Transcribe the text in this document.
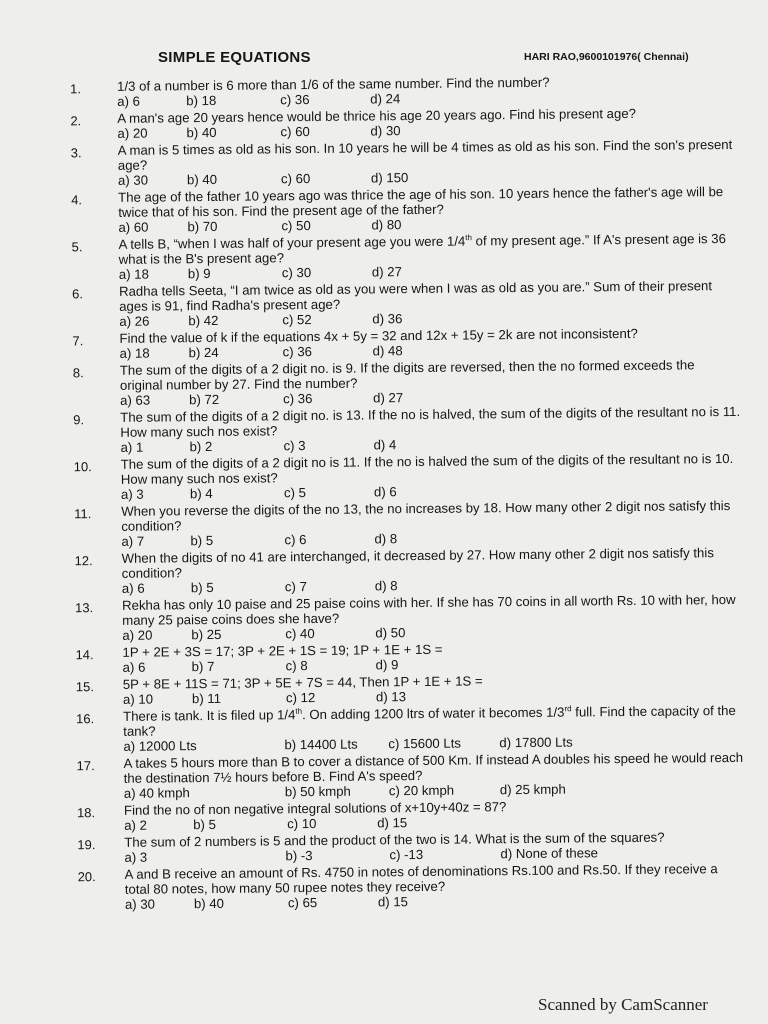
SIMPLE EQUATIONS	HARI RAO,9600101976( Chennai)
1.	1/3 of a number is 6 more than 1/6 of the same number. Find the number?
a) 6	b) 18	c) 36	d) 24
2.	A man's age 20 years hence would be thrice his age 20 years ago. Find his present age?
a) 20	b) 40	c) 60	d) 30
3.	A man is 5 times as old as his son. In 10 years he will be 4 times as old as his son. Find the son's present age?
a) 30	b) 40	c) 60	d) 150
4.	The age of the father 10 years ago was thrice the age of his son. 10 years hence the father's age will be twice that of his son. Find the present age of the father?
a) 60	b) 70	c) 50	d) 80
5.	A tells B, “when I was half of your present age you were 1/4th of my present age.” If A's present age is 36 what is the B's present age?
a) 18	b) 9	c) 30	d) 27
6.	Radha tells Seeta, “I am twice as old as you were when I was as old as you are.” Sum of their present ages is 91, find Radha's present age?
a) 26	b) 42	c) 52	d) 36
7.	Find the value of k if the equations 4x + 5y = 32 and 12x + 15y = 2k are not inconsistent?
a) 18	b) 24	c) 36	d) 48
8.	The sum of the digits of a 2 digit no. is 9. If the digits are reversed, then the no formed exceeds the original number by 27. Find the number?
a) 63	b) 72	c) 36	d) 27
9.	The sum of the digits of a 2 digit no. is 13. If the no is halved, the sum of the digits of the resultant no is 11. How many such nos exist?
a) 1	b) 2	c) 3	d) 4
10.	The sum of the digits of a 2 digit no is 11. If the no is halved the sum of the digits of the resultant no is 10. How many such nos exist?
a) 3	b) 4	c) 5	d) 6
11.	When you reverse the digits of the no 13, the no increases by 18. How many other 2 digit nos satisfy this condition?
a) 7	b) 5	c) 6	d) 8
12.	When the digits of no 41 are interchanged, it decreased by 27. How many other 2 digit nos satisfy this condition?
a) 6	b) 5	c) 7	d) 8
13.	Rekha has only 10 paise and 25 paise coins with her. If she has 70 coins in all worth Rs. 10 with her, how many 25 paise coins does she have?
a) 20	b) 25	c) 40	d) 50
14.	1P + 2E + 3S = 17; 3P + 2E + 1S = 19; 1P + 1E + 1S =
a) 6	b) 7	c) 8	d) 9
15.	5P + 8E + 11S = 71; 3P + 5E + 7S = 44, Then 1P + 1E + 1S =
a) 10	b) 11	c) 12	d) 13
16.	There is tank. It is filed up 1/4th. On adding 1200 ltrs of water it becomes 1/3rd full. Find the capacity of the tank?
a) 12000 Lts	b) 14400 Lts c) 15600 Lts	d) 17800 Lts
17.	A takes 5 hours more than B to cover a distance of 500 Km. If instead A doubles his speed he would reach the destination 7½ hours before B. Find A's speed?
a) 40 kmph	b) 50 kmph	c) 20 kmph	d) 25 kmph
18.	Find the no of non negative integral solutions of x+10y+40z = 87?
a) 2	b) 5	c) 10	d) 15
19.	The sum of 2 numbers is 5 and the product of the two is 14. What is the sum of the squares?
a) 3	b) -3	c) -13	d) None of these
20.	A and B receive an amount of Rs. 4750 in notes of denominations Rs.100 and Rs.50. If they receive a total 80 notes, how many 50 rupee notes they receive?
a) 30	b) 40	c) 65	d) 15
Scanned by CamScanner
